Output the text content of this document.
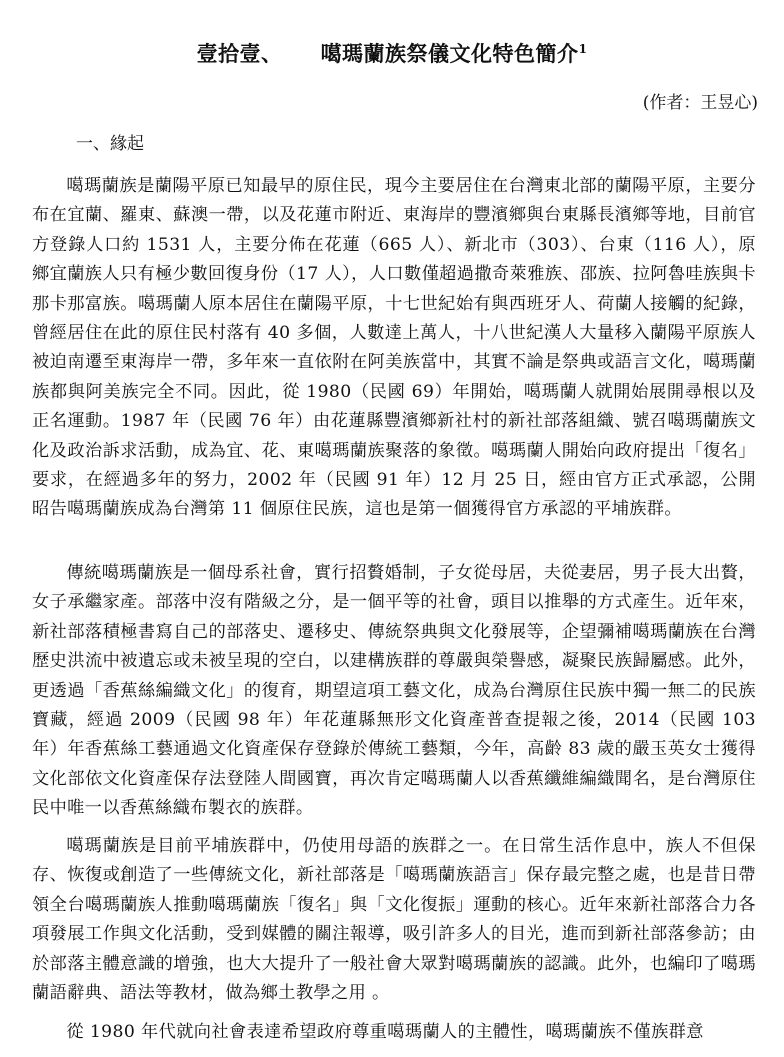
壹拾壹、 噶瑪蘭族祭儀文化特色簡介$^1$
(作者：王昱心)
一、緣起

噶瑪蘭族是蘭陽平原已知最早的原住民，現今主要居住在台灣東北部的蘭陽平原，主要分布在宜蘭、羅東、蘇澳一帶，以及花蓮市附近、東海岸的豐濱鄉與台東縣長濱鄉等地，目前官方登錄人口約 1531 人，主要分佈在花蓮（665 人）、新北市（303）、台東（116 人），原鄉宜蘭族人只有極少數回復身份（17 人），人口數僅超過撒奇萊雅族、邵族、拉阿魯哇族與卡那卡那富族。噶瑪蘭人原本居住在蘭陽平原，十七世紀始有與西班牙人、荷蘭人接觸的紀錄，曾經居住在此的原住民村落有 40 多個，人數達上萬人，十八世紀漢人大量移入蘭陽平原族人被迫南遷至東海岸一帶，多年來一直依附在阿美族當中，其實不論是祭典或語言文化，噶瑪蘭族都與阿美族完全不同。因此，從 1980（民國 69）年開始，噶瑪蘭人就開始展開尋根以及正名運動。1987 年（民國 76 年）由花蓮縣豐濱鄉新社村的新社部落組織、號召噶瑪蘭族文化及政治訴求活動，成為宜、花、東噶瑪蘭族聚落的象徵。噶瑪蘭人開始向政府提出「復名」要求，在經過多年的努力，2002 年（民國 91 年）12 月 25 日，經由官方正式承認，公開昭告噶瑪蘭族成為台灣第 11 個原住民族，這也是第一個獲得官方承認的平埔族群。

傳統噶瑪蘭族是一個母系社會，實行招贅婚制，子女從母居，夫從妻居，男子長大出贅，女子承繼家產。部落中沒有階級之分，是一個平等的社會，頭目以推舉的方式產生。近年來，新社部落積極書寫自己的部落史、遷移史、傳統祭典與文化發展等，企望彌補噶瑪蘭族在台灣歷史洪流中被遺忘或未被呈現的空白，以建構族群的尊嚴與榮譽感，凝聚民族歸屬感。此外，更透過「香蕉絲編織文化」的復育，期望這項工藝文化，成為台灣原住民族中獨一無二的民族寶藏，經過 2009（民國 98 年）年花蓮縣無形文化資產普查提報之後，2014（民國 103 年）年香蕉絲工藝通過文化資產保存登錄於傳統工藝類，今年，高齡 83 歲的嚴玉英女士獲得文化部依文化資產保存法登陸人間國寶，再次肯定噶瑪蘭人以香蕉纖維編織聞名，是台灣原住民中唯一以香蕉絲織布製衣的族群。

噶瑪蘭族是目前平埔族群中，仍使用母語的族群之一。在日常生活作息中，族人不但保存、恢復或創造了一些傳統文化，新社部落是「噶瑪蘭族語言」保存最完整之處，也是昔日帶領全台噶瑪蘭族人推動噶瑪蘭族「復名」與「文化復振」運動的核心。近年來新社部落合力各項發展工作與文化活動，受到媒體的關注報導，吸引許多人的目光，進而到新社部落參訪；由於部落主體意識的增強，也大大提升了一般社會大眾對噶瑪蘭族的認識。此外，也編印了噶瑪蘭語辭典、語法等教材，做為鄉土教學之用 。

從 1980 年代就向社會表達希望政府尊重噶瑪蘭人的主體性，噶瑪蘭族不僅族群意
